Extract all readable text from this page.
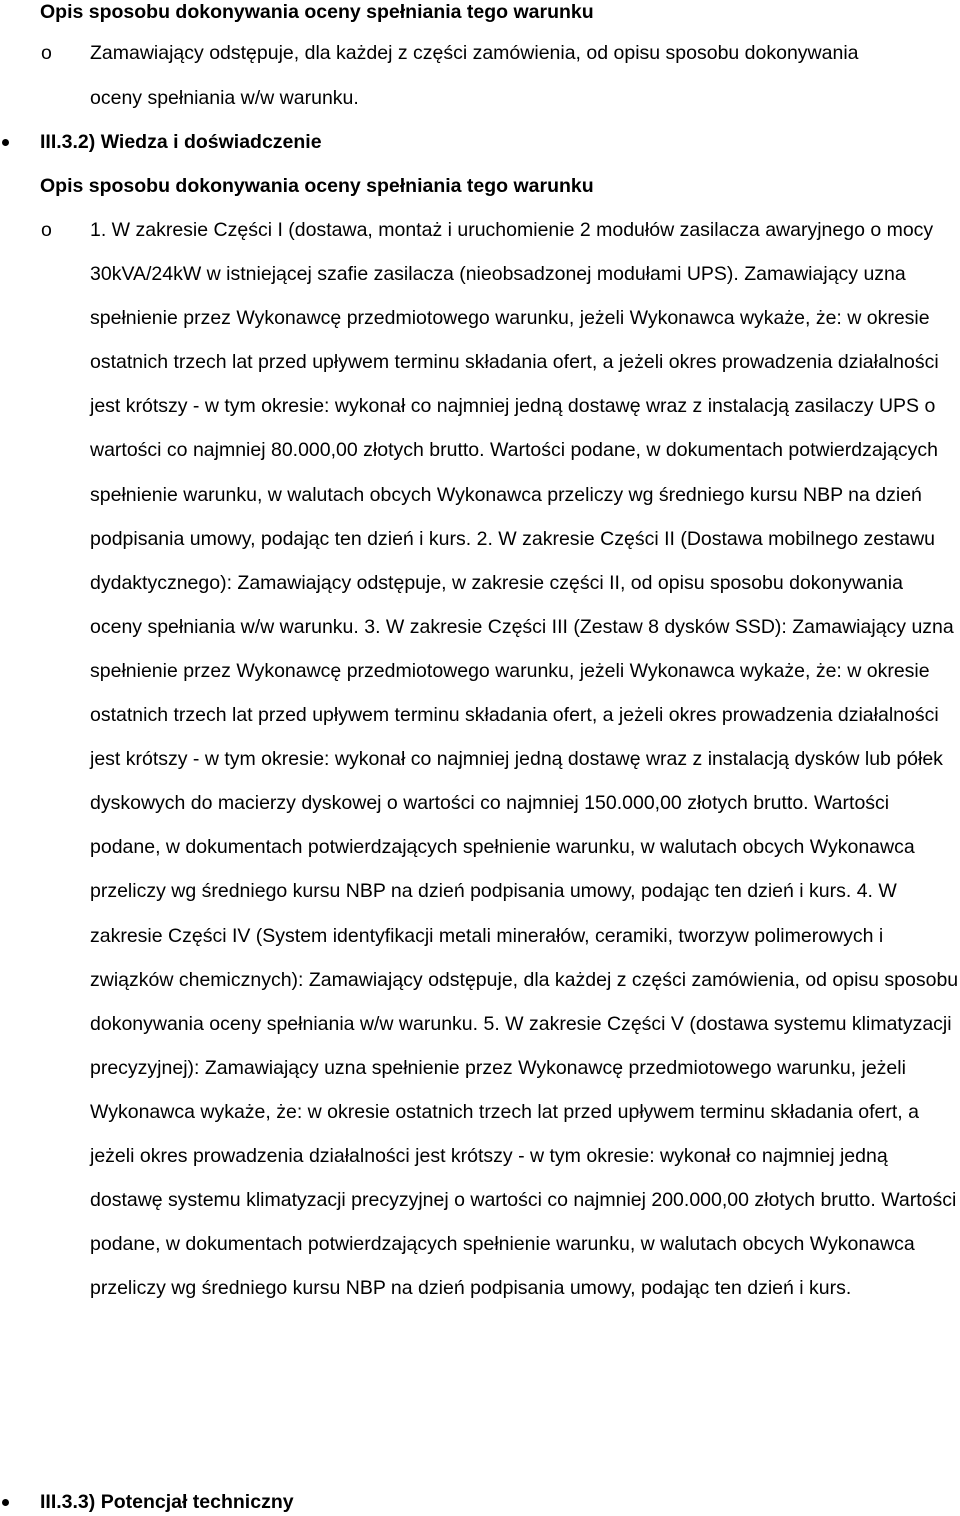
Opis sposobu dokonywania oceny spełniania tego warunku
o Zamawiający odstępuje, dla każdej z części zamówienia, od opisu sposobu dokonywania
oceny spełniania w/w warunku.
III.3.2) Wiedza i doświadczenie
Opis sposobu dokonywania oceny spełniania tego warunku
o 1. W zakresie Części I (dostawa, montaż i uruchomienie 2 modułów zasilacza awaryjnego o mocy 30kVA/24kW w istniejącej szafie zasilacza (nieobsadzonej modułami UPS). Zamawiający uzna spełnienie przez Wykonawcę przedmiotowego warunku, jeżeli Wykonawca wykaże, że: w okresie ostatnich trzech lat przed upływem terminu składania ofert, a jeżeli okres prowadzenia działalności jest krótszy - w tym okresie: wykonał co najmniej jedną dostawę wraz z instalacją zasilaczy UPS o wartości co najmniej 80.000,00 złotych brutto. Wartości podane, w dokumentach potwierdzających spełnienie warunku, w walutach obcych Wykonawca przeliczy wg średniego kursu NBP na dzień podpisania umowy, podając ten dzień i kurs. 2. W zakresie Części II (Dostawa mobilnego zestawu dydaktycznego): Zamawiający odstępuje, w zakresie części II, od opisu sposobu dokonywania oceny spełniania w/w warunku. 3. W zakresie Części III (Zestaw 8 dysków SSD): Zamawiający uzna spełnienie przez Wykonawcę przedmiotowego warunku, jeżeli Wykonawca wykaże, że: w okresie ostatnich trzech lat przed upływem terminu składania ofert, a jeżeli okres prowadzenia działalności jest krótszy - w tym okresie: wykonał co najmniej jedną dostawę wraz z instalacją dysków lub półek dyskowych do macierzy dyskowej o wartości co najmniej 150.000,00 złotych brutto. Wartości podane, w dokumentach potwierdzających spełnienie warunku, w walutach obcych Wykonawca przeliczy wg średniego kursu NBP na dzień podpisania umowy, podając ten dzień i kurs. 4. W zakresie Części IV (System identyfikacji metali minerałów, ceramiki, tworzyw polimerowych i związków chemicznych): Zamawiający odstępuje, dla każdej z części zamówienia, od opisu sposobu dokonywania oceny spełniania w/w warunku. 5. W zakresie Części V (dostawa systemu klimatyzacji precyzyjnej): Zamawiający uzna spełnienie przez Wykonawcę przedmiotowego warunku, jeżeli Wykonawca wykaże, że: w okresie ostatnich trzech lat przed upływem terminu składania ofert, a jeżeli okres prowadzenia działalności jest krótszy - w tym okresie: wykonał co najmniej jedną dostawę systemu klimatyzacji precyzyjnej o wartości co najmniej 200.000,00 złotych brutto. Wartości podane, w dokumentach potwierdzających spełnienie warunku, w walutach obcych Wykonawca przeliczy wg średniego kursu NBP na dzień podpisania umowy, podając ten dzień i kurs.
III.3.3) Potencjał techniczny
